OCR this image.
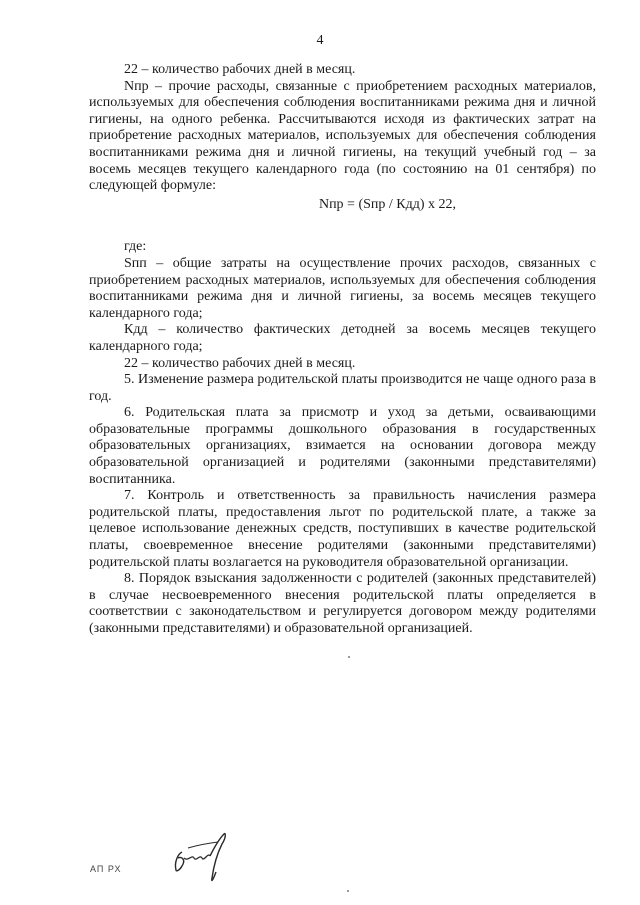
4

22 – количество рабочих дней в месяц.

Nпр – прочие расходы, связанные с приобретением расходных материалов, используемых для обеспечения соблюдения воспитанниками режима дня и личной гигиены, на одного ребенка. Рассчитываются исходя из фактических затрат на приобретение расходных материалов, используемых для обеспечения соблюдения воспитанниками режима дня и личной гигиены, на текущий учебный год – за восемь месяцев текущего календарного года (по состоянию на 01 сентября) по следующей формуле:

Nпр = (Sпр / Кдд) х 22,

где:

Sпп – общие затраты на осуществление прочих расходов, связанных с приобретением расходных материалов, используемых для обеспечения соблюдения воспитанниками режима дня и личной гигиены, за восемь месяцев текущего календарного года;

Кдд – количество фактических детодней за восемь месяцев текущего календарного года;

22 – количество рабочих дней в месяц.

5. Изменение размера родительской платы производится не чаще одного раза в год.

6. Родительская плата за присмотр и уход за детьми, осваивающими образовательные программы дошкольного образования в государственных образовательных организациях, взимается на основании договора между образовательной организацией и родителями (законными представителями) воспитанника.

7. Контроль и ответственность за правильность начисления размера родительской платы, предоставления льгот по родительской плате, а также за целевое использование денежных средств, поступивших в качестве родительской платы, своевременное внесение родителями (законными представителями) родительской платы возлагается на руководителя образовательной организации.

8. Порядок взыскания задолженности с родителей (законных представителей) в случае несвоевременного внесения родительской платы определяется в соответствии с законодательством и регулируется договором между родителями (законными представителями) и образовательной организацией.

АП РХ
